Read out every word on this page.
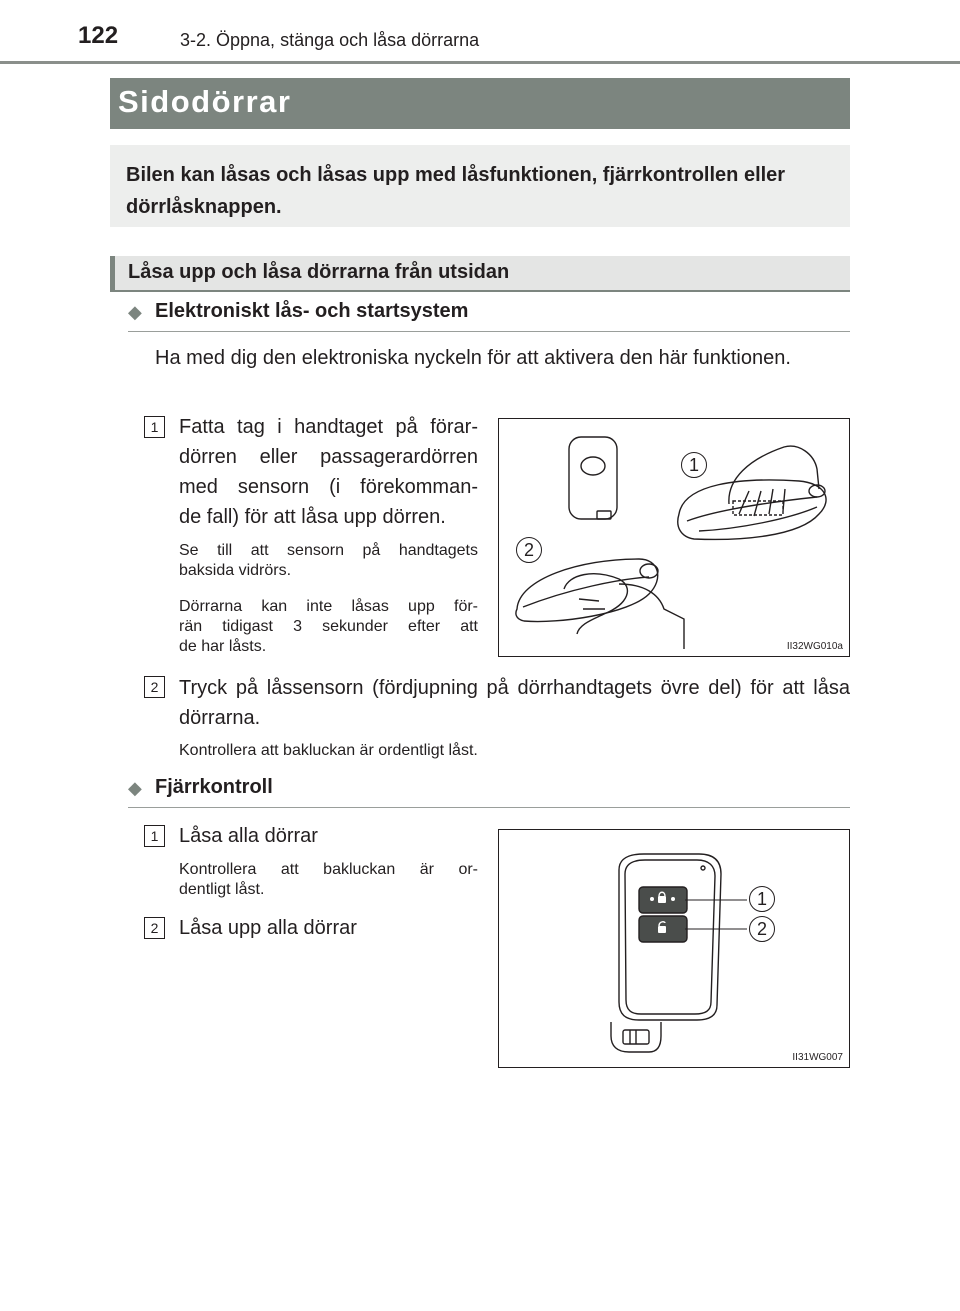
122	3-2. Öppna, stänga och låsa dörrarna
Sidodörrar

Bilen kan låsas och låsas upp med låsfunktionen, fjärrkontrollen eller dörrlåsknappen.

Låsa upp och låsa dörrarna från utsidan
◆ Elektroniskt lås- och startsystem

Ha med dig den elektroniska nyckeln för att aktivera den här funktionen.

1	Fatta tag i handtaget på förar-
dörren eller passagerardörren
med sensorn (i förekomman-
de fall) för att låsa upp dörren.
Se till att sensorn på handtagets
baksida vidrörs.
Dörrarna kan inte låsas upp för-
rän tidigast 3 sekunder efter att
de har låsts.
1
2
II32WG010a
2	Tryck på låssensorn (fördjupning på dörrhandtagets övre del) för att låsa dörrarna.

Kontrollera att bakluckan är ordentligt låst.

◆ Fjärrkontroll
1	Låsa alla dörrar

Kontrollera att bakluckan är or-
dentligt låst.
2	Låsa upp alla dörrar

1
2
II31WG007
